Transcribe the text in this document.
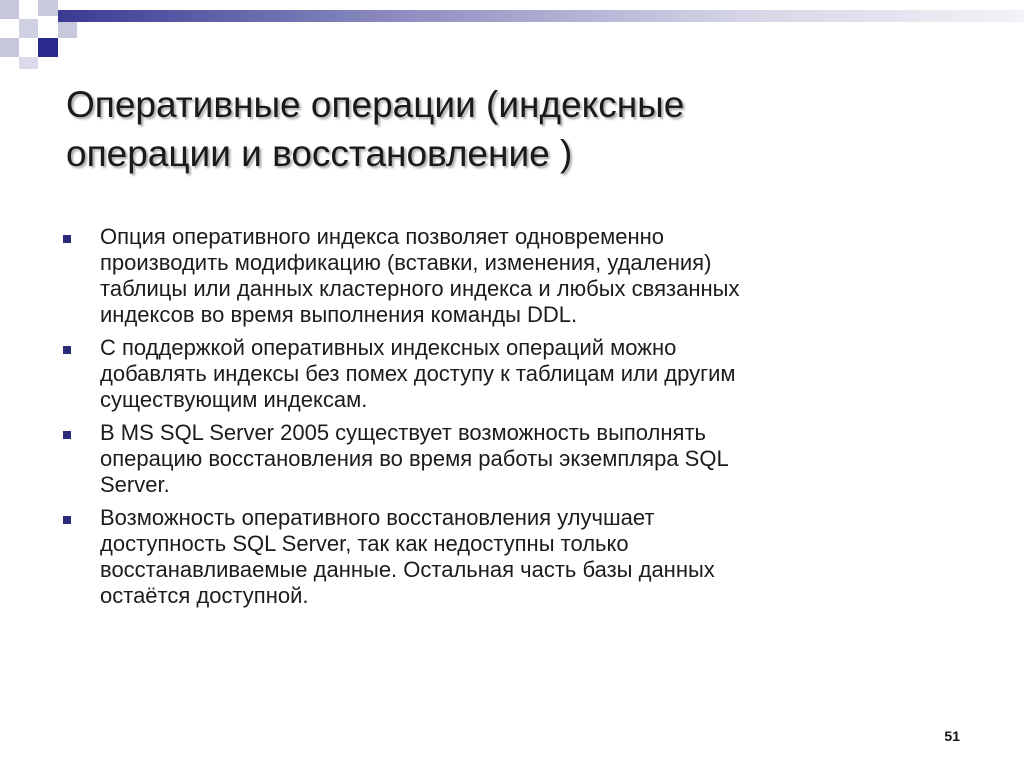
Оперативные операции (индексные
операции и восстановление )
Опция оперативного индекса позволяет одновременно
производить модификацию (вставки, изменения, удаления)
таблицы или данных кластерного индекса и любых связанных
индексов во время выполнения команды DDL.
С поддержкой оперативных индексных операций можно
добавлять индексы без помех доступу к таблицам или другим
существующим индексам.
В MS SQL Server 2005 существует возможность выполнять
операцию восстановления во время работы экземпляра SQL
Server.
Возможность оперативного восстановления улучшает
доступность SQL Server, так как недоступны только
восстанавливаемые данные. Остальная часть базы данных
остаётся доступной.
51
